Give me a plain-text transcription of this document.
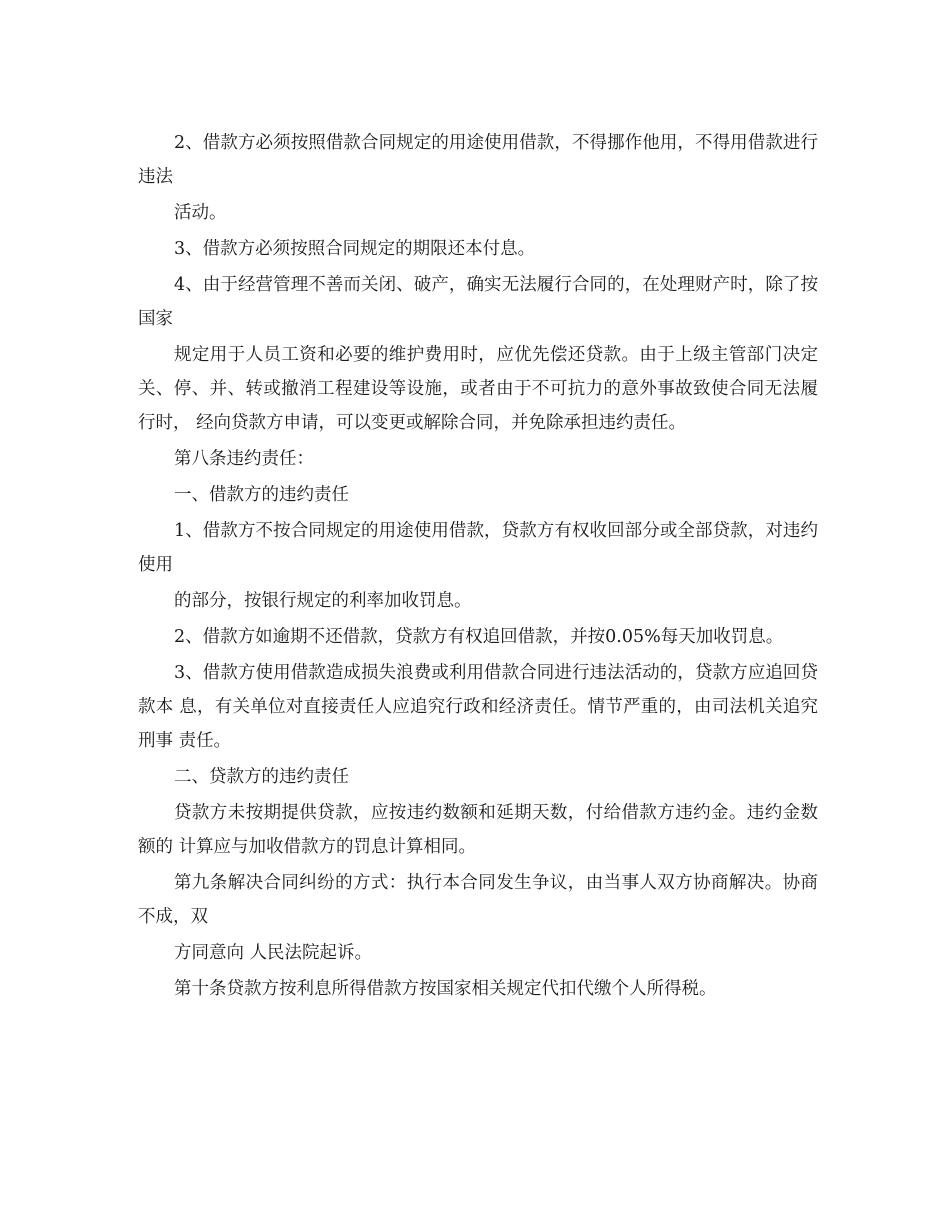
2、借款方必须按照借款合同规定的用途使用借款，不得挪作他用，不得用借款进行违法

活动。

3、借款方必须按照合同规定的期限还本付息。

4、由于经营管理不善而关闭、破产，确实无法履行合同的，在处理财产时，除了按国家

规定用于人员工资和必要的维护费用时，应优先偿还贷款。由于上级主管部门决定关、停、并、转或撤消工程建设等设施，或者由于不可抗力的意外事故致使合同无法履行时， 经向贷款方申请，可以变更或解除合同，并免除承担违约责任。

第八条违约责任：

一、借款方的违约责任

1、借款方不按合同规定的用途使用借款，贷款方有权收回部分或全部贷款，对违约使用

的部分，按银行规定的利率加收罚息。

2、借款方如逾期不还借款，贷款方有权追回借款，并按0.05%每天加收罚息。

3、借款方使用借款造成损失浪费或利用借款合同进行违法活动的，贷款方应追回贷款本 息，有关单位对直接责任人应追究行政和经济责任。情节严重的，由司法机关追究刑事 责任。

二、贷款方的违约责任

贷款方未按期提供贷款，应按违约数额和延期天数，付给借款方违约金。违约金数额的 计算应与加收借款方的罚息计算相同。

第九条解决合同纠纷的方式：执行本合同发生争议，由当事人双方协商解决。协商不成，双

方同意向 人民法院起诉。

第十条贷款方按利息所得借款方按国家相关规定代扣代缴个人所得税。
